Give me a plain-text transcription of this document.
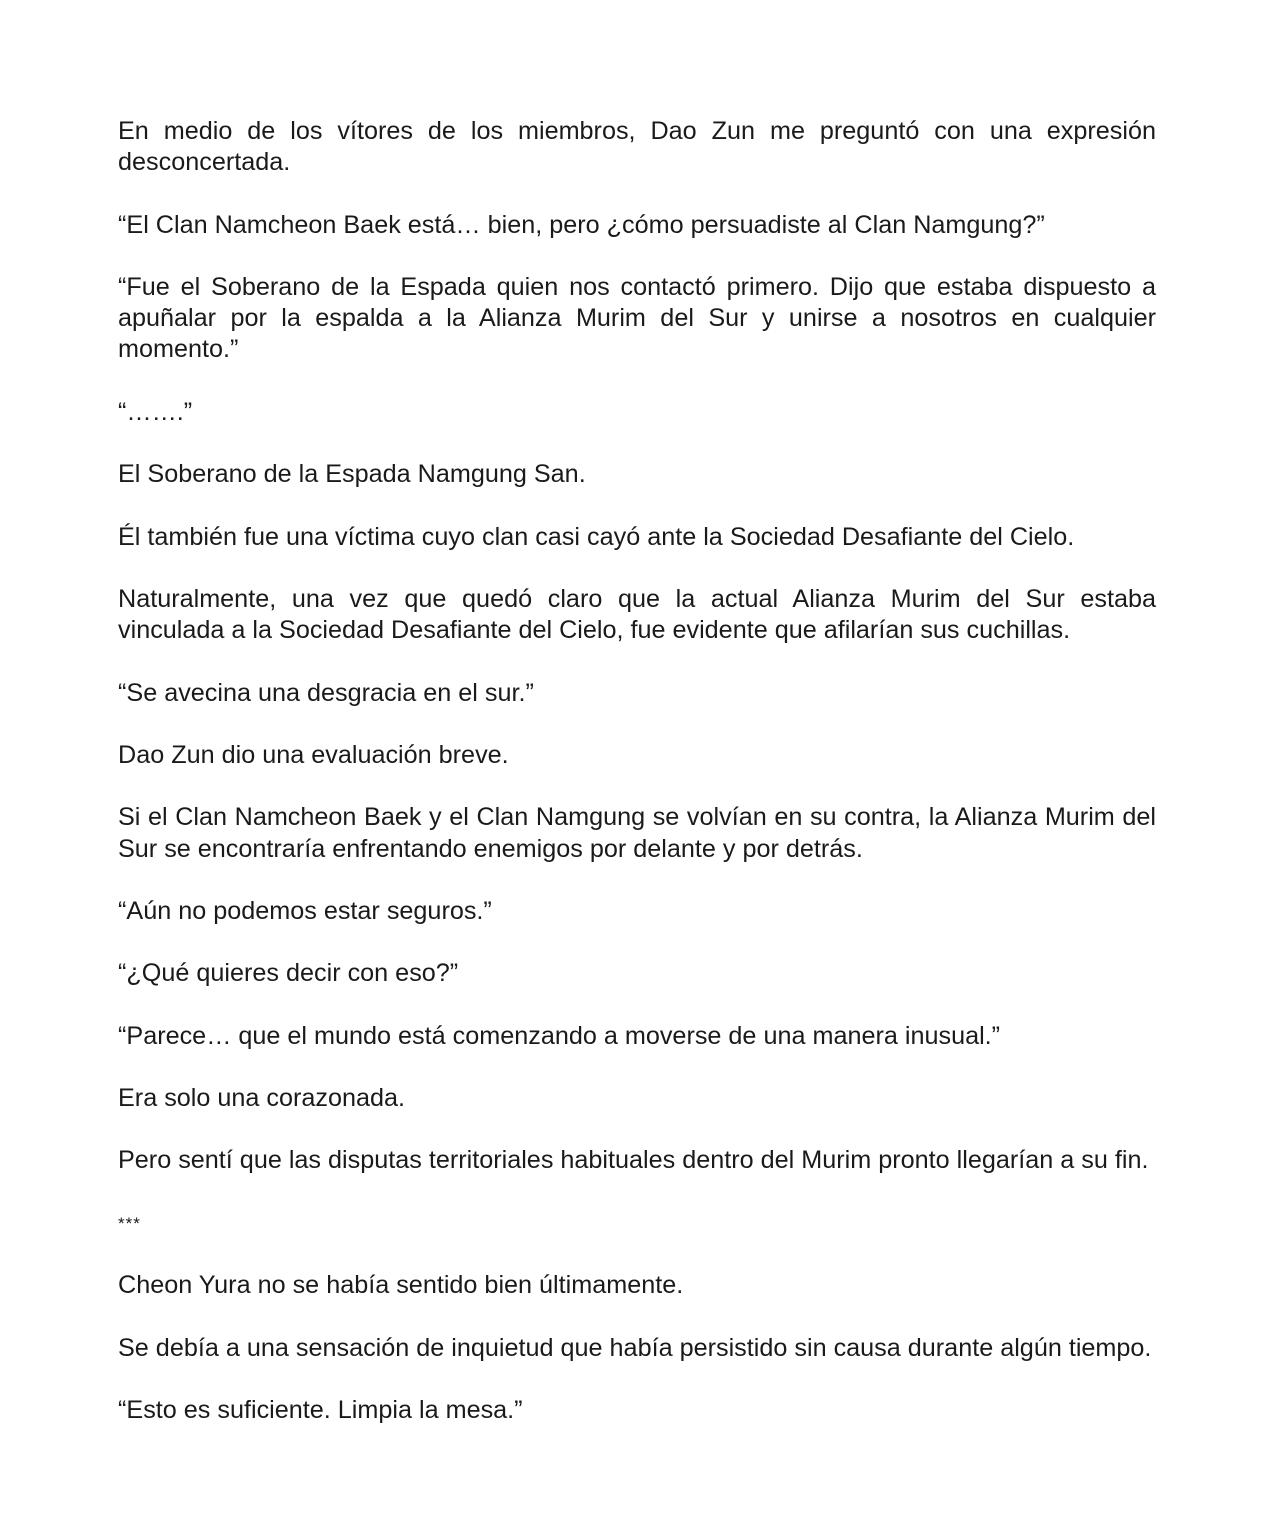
En medio de los vítores de los miembros, Dao Zun me preguntó con una expresión desconcertada.

“El Clan Namcheon Baek está… bien, pero ¿cómo persuadiste al Clan Namgung?”

“Fue el Soberano de la Espada quien nos contactó primero. Dijo que estaba dispuesto a apuñalar por la espalda a la Alianza Murim del Sur y unirse a nosotros en cualquier momento.”

“…….”

El Soberano de la Espada Namgung San.

Él también fue una víctima cuyo clan casi cayó ante la Sociedad Desafiante del Cielo.

Naturalmente, una vez que quedó claro que la actual Alianza Murim del Sur estaba vinculada a la Sociedad Desafiante del Cielo, fue evidente que afilarían sus cuchillas.

“Se avecina una desgracia en el sur.”

Dao Zun dio una evaluación breve.

Si el Clan Namcheon Baek y el Clan Namgung se volvían en su contra, la Alianza Murim del Sur se encontraría enfrentando enemigos por delante y por detrás.

“Aún no podemos estar seguros.”

“¿Qué quieres decir con eso?”

“Parece… que el mundo está comenzando a moverse de una manera inusual.”

Era solo una corazonada.

Pero sentí que las disputas territoriales habituales dentro del Murim pronto llegarían a su fin.

***

Cheon Yura no se había sentido bien últimamente.

Se debía a una sensación de inquietud que había persistido sin causa durante algún tiempo.

“Esto es suficiente. Limpia la mesa.”
